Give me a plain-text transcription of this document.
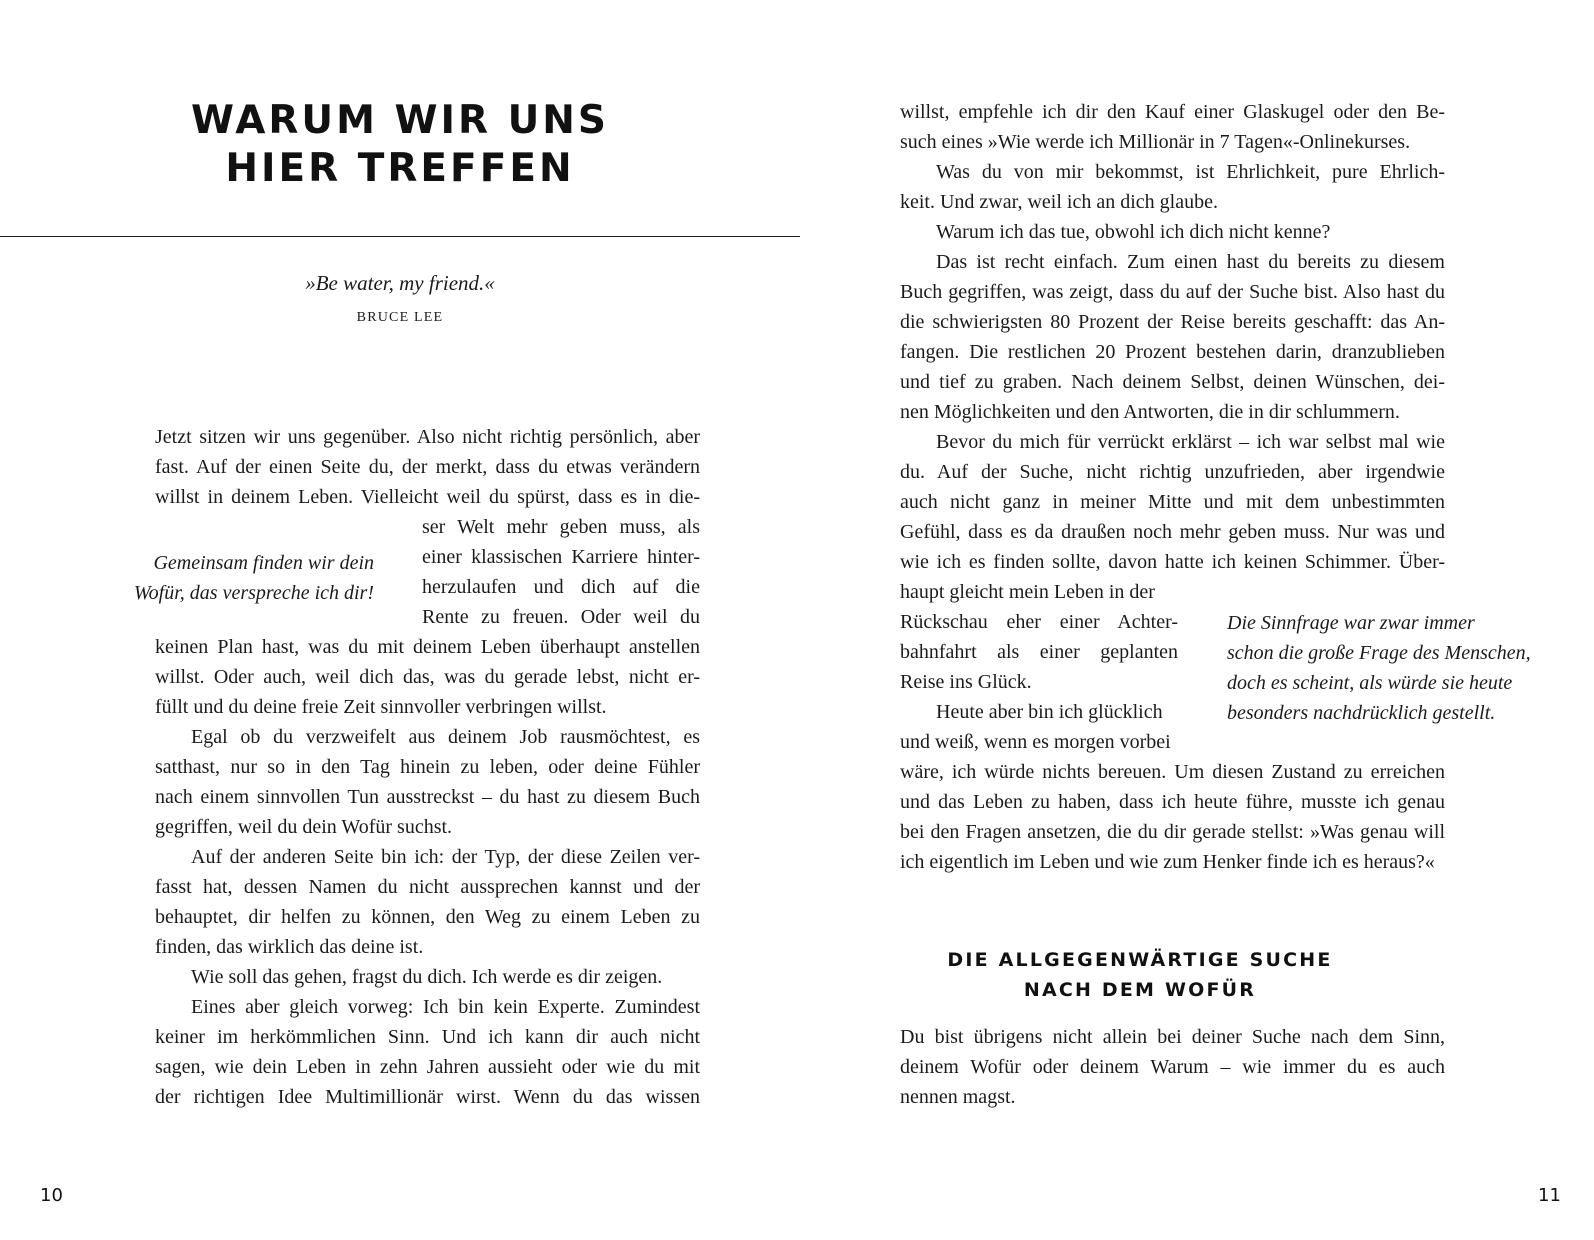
WARUM WIR UNS
HIER TREFFEN
»Be water, my friend.«
BRUCE LEE
Jetzt sitzen wir uns gegenüber. Also nicht richtig persönlich, aber
fast. Auf der einen Seite du, der merkt, dass du etwas verändern
willst in deinem Leben. Vielleicht weil du spürst, dass es in die-
ser Welt mehr geben muss, als
einer klassischen Karriere hinter-
herzulaufen und dich auf die
Rente zu freuen. Oder weil du
keinen Plan hast, was du mit deinem Leben überhaupt anstellen
willst. Oder auch, weil dich das, was du gerade lebst, nicht er-
füllt und du deine freie Zeit sinnvoller verbringen willst.
Egal ob du verzweifelt aus deinem Job rausmöchtest, es
satthast, nur so in den Tag hinein zu leben, oder deine Fühler
nach einem sinnvollen Tun ausstreckst – du hast zu diesem Buch
gegriffen, weil du dein Wofür suchst.
Auf der anderen Seite bin ich: der Typ, der diese Zeilen ver-
fasst hat, dessen Namen du nicht aussprechen kannst und der
behauptet, dir helfen zu können, den Weg zu einem Leben zu
finden, das wirklich das deine ist.
Wie soll das gehen, fragst du dich. Ich werde es dir zeigen.
Eines aber gleich vorweg: Ich bin kein Experte. Zumindest
keiner im herkömmlichen Sinn. Und ich kann dir auch nicht
sagen, wie dein Leben in zehn Jahren aussieht oder wie du mit
der richtigen Idee Multimillionär wirst. Wenn du das wissen
Gemeinsam finden wir dein
Wofür, das verspreche ich dir!
10
willst, empfehle ich dir den Kauf einer Glaskugel oder den Be-
such eines »Wie werde ich Millionär in 7 Tagen«-Onlinekurses.
Was du von mir bekommst, ist Ehrlichkeit, pure Ehrlich-
keit. Und zwar, weil ich an dich glaube.
Warum ich das tue, obwohl ich dich nicht kenne?
Das ist recht einfach. Zum einen hast du bereits zu diesem
Buch gegriffen, was zeigt, dass du auf der Suche bist. Also hast du
die schwierigsten 80 Prozent der Reise bereits geschafft: das An-
fangen. Die restlichen 20 Prozent bestehen darin, dranzublieben
und tief zu graben. Nach deinem Selbst, deinen Wünschen, dei-
nen Möglichkeiten und den Antworten, die in dir schlummern.
Bevor du mich für verrückt erklärst – ich war selbst mal wie
du. Auf der Suche, nicht richtig unzufrieden, aber irgendwie
auch nicht ganz in meiner Mitte und mit dem unbestimmten
Gefühl, dass es da draußen noch mehr geben muss. Nur was und
wie ich es finden sollte, davon hatte ich keinen Schimmer. Über-
haupt gleicht mein Leben in der
Rückschau eher einer Achter-
bahnfahrt als einer geplanten
Reise ins Glück.
Heute aber bin ich glücklich
und weiß, wenn es morgen vorbei
wäre, ich würde nichts bereuen. Um diesen Zustand zu erreichen
und das Leben zu haben, dass ich heute führe, musste ich genau
bei den Fragen ansetzen, die du dir gerade stellst: »Was genau will
ich eigentlich im Leben und wie zum Henker finde ich es heraus?«
Die Sinnfrage war zwar immer
schon die große Frage des Menschen,
doch es scheint, als würde sie heute
besonders nachdrücklich gestellt.
DIE ALLGEGENWÄRTIGE SUCHE
NACH DEM WOFÜR
Du bist übrigens nicht allein bei deiner Suche nach dem Sinn,
deinem Wofür oder deinem Warum – wie immer du es auch
nennen magst.
11
